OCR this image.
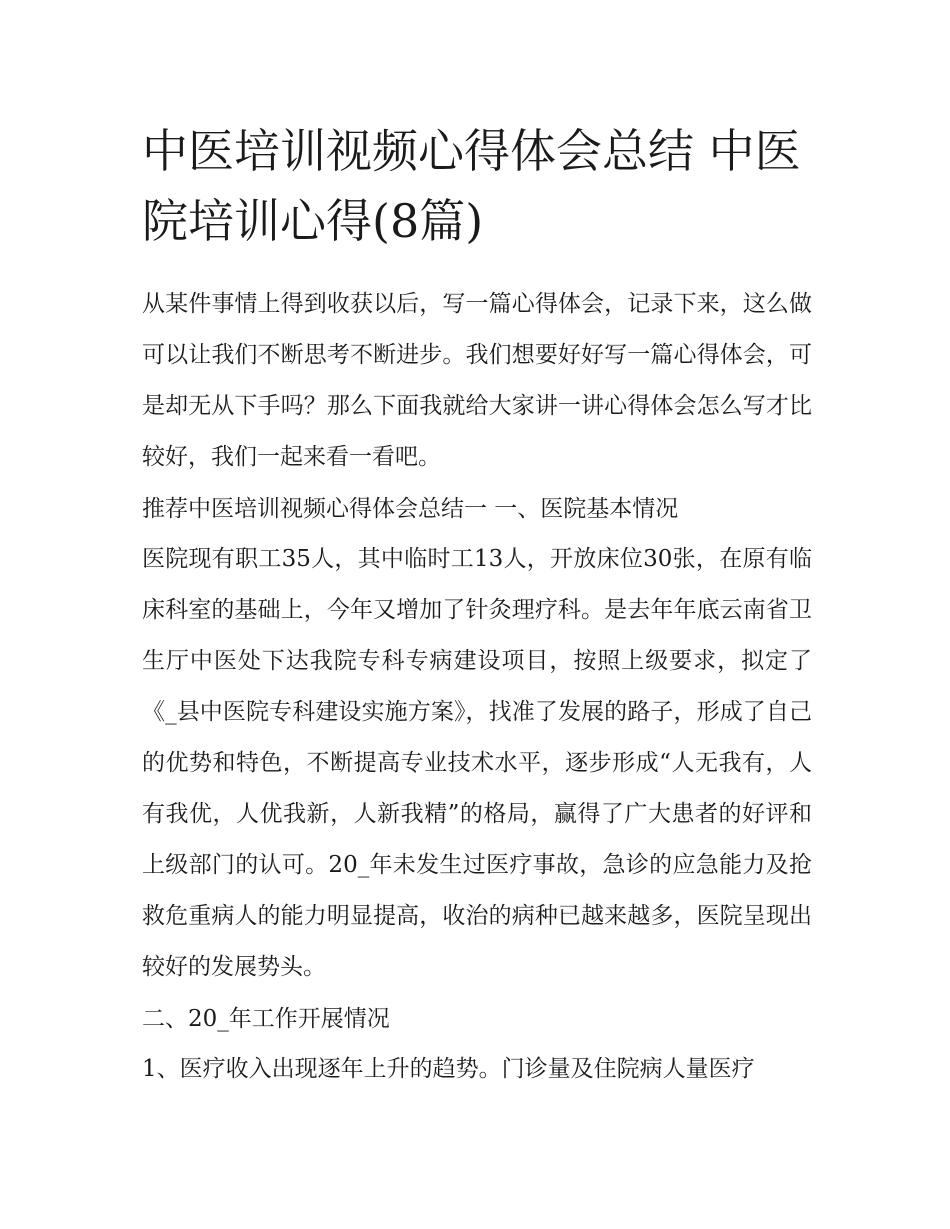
中医培训视频心得体会总结 中医院培训心得(8篇)

从某件事情上得到收获以后，写一篇心得体会，记录下来，这么做可以让我们不断思考不断进步。我们想要好好写一篇心得体会，可是却无从下手吗？那么下面我就给大家讲一讲心得体会怎么写才比较好，我们一起来看一看吧。

推荐中医培训视频心得体会总结一 一、医院基本情况

医院现有职工35人，其中临时工13人，开放床位30张，在原有临床科室的基础上，今年又增加了针灸理疗科。是去年年底云南省卫生厅中医处下达我院专科专病建设项目，按照上级要求，拟定了《_县中医院专科建设实施方案》，找准了发展的路子，形成了自己的优势和特色，不断提高专业技术水平，逐步形成“人无我有，人有我优，人优我新，人新我精”的格局，赢得了广大患者的好评和上级部门的认可。20_年未发生过医疗事故，急诊的应急能力及抢救危重病人的能力明显提高，收治的病种已越来越多，医院呈现出较好的发展势头。

二、20_年工作开展情况

1、医疗收入出现逐年上升的趋势。门诊量及住院病人量医疗
